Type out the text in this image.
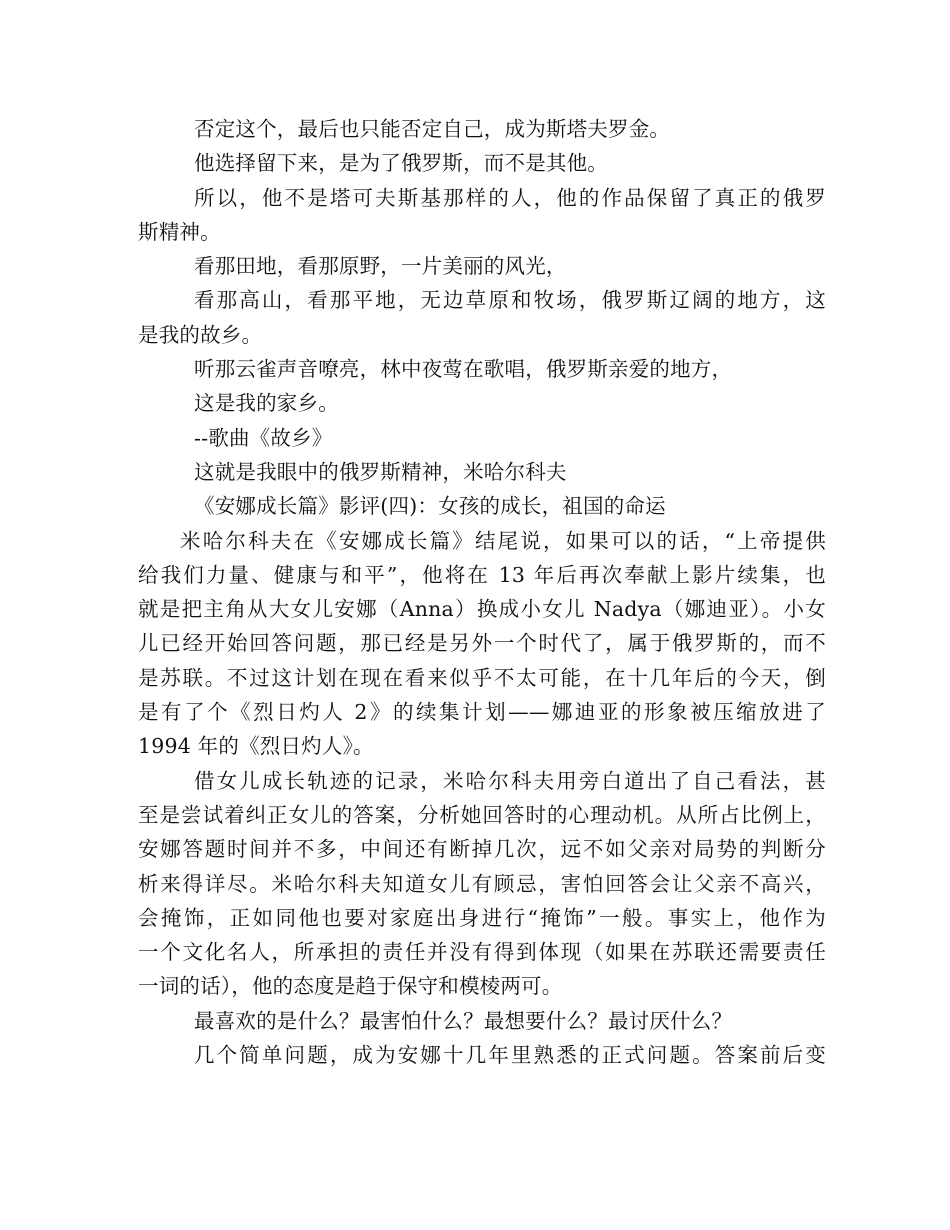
否定这个，最后也只能否定自己，成为斯塔夫罗金。
他选择留下来，是为了俄罗斯，而不是其他。
所以，他不是塔可夫斯基那样的人，他的作品保留了真正的俄罗
斯精神。
看那田地，看那原野，一片美丽的风光，
看那高山，看那平地，无边草原和牧场，俄罗斯辽阔的地方，这
是我的故乡。
听那云雀声音嘹亮，林中夜莺在歌唱，俄罗斯亲爱的地方，
这是我的家乡。
--歌曲《故乡》
这就是我眼中的俄罗斯精神，米哈尔科夫
《安娜成长篇》影评(四)：女孩的成长，祖国的命运
米哈尔科夫在《安娜成长篇》结尾说，如果可以的话，“上帝提供
给我们力量、健康与和平”，他将在 13 年后再次奉献上影片续集，也
就是把主角从大女儿安娜（Anna）换成小女儿 Nadya（娜迪亚）。小女
儿已经开始回答问题，那已经是另外一个时代了，属于俄罗斯的，而不
是苏联。不过这计划在现在看来似乎不太可能，在十几年后的今天，倒
是有了个《烈日灼人 2》的续集计划——娜迪亚的形象被压缩放进了
1994 年的《烈日灼人》。
借女儿成长轨迹的记录，米哈尔科夫用旁白道出了自己看法，甚
至是尝试着纠正女儿的答案，分析她回答时的心理动机。从所占比例上，
安娜答题时间并不多，中间还有断掉几次，远不如父亲对局势的判断分
析来得详尽。米哈尔科夫知道女儿有顾忌，害怕回答会让父亲不高兴，
会掩饰，正如同他也要对家庭出身进行“掩饰”一般。事实上，他作为
一个文化名人，所承担的责任并没有得到体现（如果在苏联还需要责任
一词的话），他的态度是趋于保守和模棱两可。
最喜欢的是什么？最害怕什么？最想要什么？最讨厌什么？
几个简单问题，成为安娜十几年里熟悉的正式问题。答案前后变
